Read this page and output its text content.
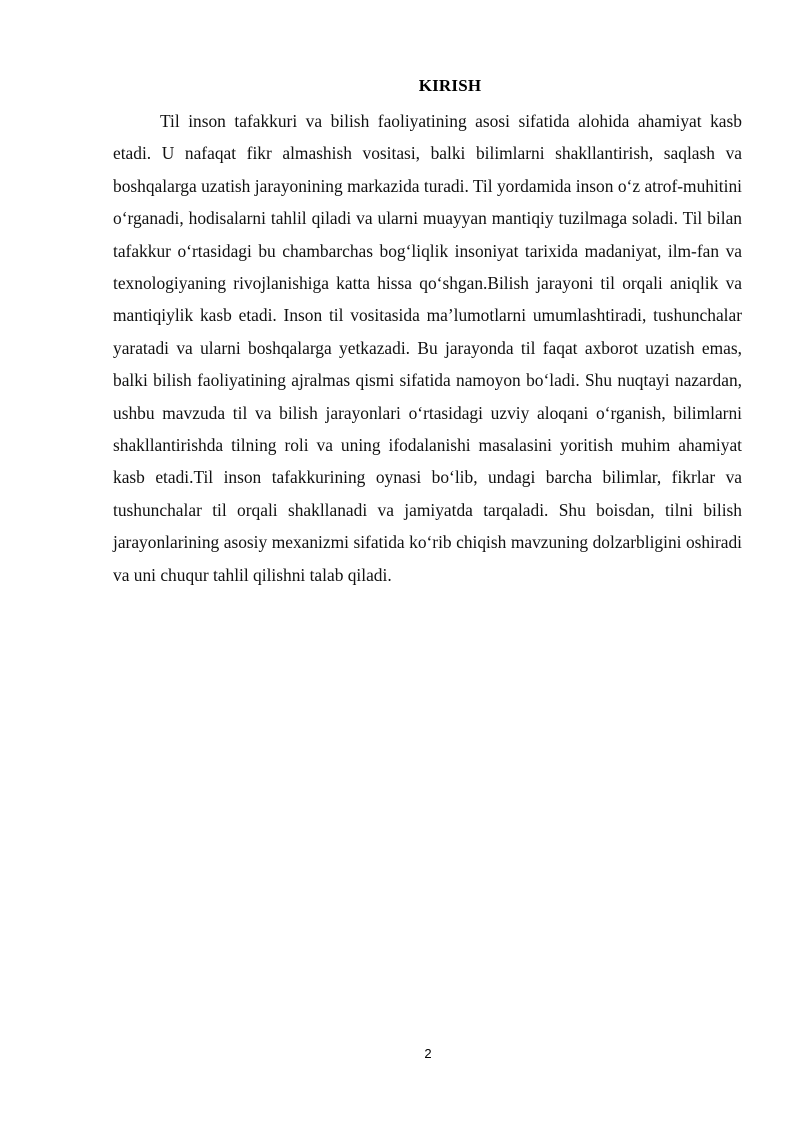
KIRISH

Til inson tafakkuri va bilish faoliyatining asosi sifatida alohida ahamiyat kasb etadi. U nafaqat fikr almashish vositasi, balki bilimlarni shakllantirish, saqlash va boshqalarga uzatish jarayonining markazida turadi. Til yordamida inson o‘z atrof-muhitini o‘rganadi, hodisalarni tahlil qiladi va ularni muayyan mantiqiy tuzilmaga soladi. Til bilan tafakkur o‘rtasidagi bu chambarchas bog‘liqlik insoniyat tarixida madaniyat, ilm-fan va texnologiyaning rivojlanishiga katta hissa qo‘shgan.Bilish jarayoni til orqali aniqlik va mantiqiylik kasb etadi. Inson til vositasida ma’lumotlarni umumlashtiradi, tushunchalar yaratadi va ularni boshqalarga yetkazadi. Bu jarayonda til faqat axborot uzatish emas, balki bilish faoliyatining ajralmas qismi sifatida namoyon bo‘ladi. Shu nuqtayi nazardan, ushbu mavzuda til va bilish jarayonlari o‘rtasidagi uzviy aloqani o‘rganish, bilimlarni shakllantirishda tilning roli va uning ifodalanishi masalasini yoritish muhim ahamiyat kasb etadi.Til inson tafakkurining oynasi bo‘lib, undagi barcha bilimlar, fikrlar va tushunchalar til orqali shakllanadi va jamiyatda tarqaladi. Shu boisdan, tilni bilish jarayonlarining asosiy mexanizmi sifatida ko‘rib chiqish mavzuning dolzarbligini oshiradi va uni chuqur tahlil qilishni talab qiladi.

2
